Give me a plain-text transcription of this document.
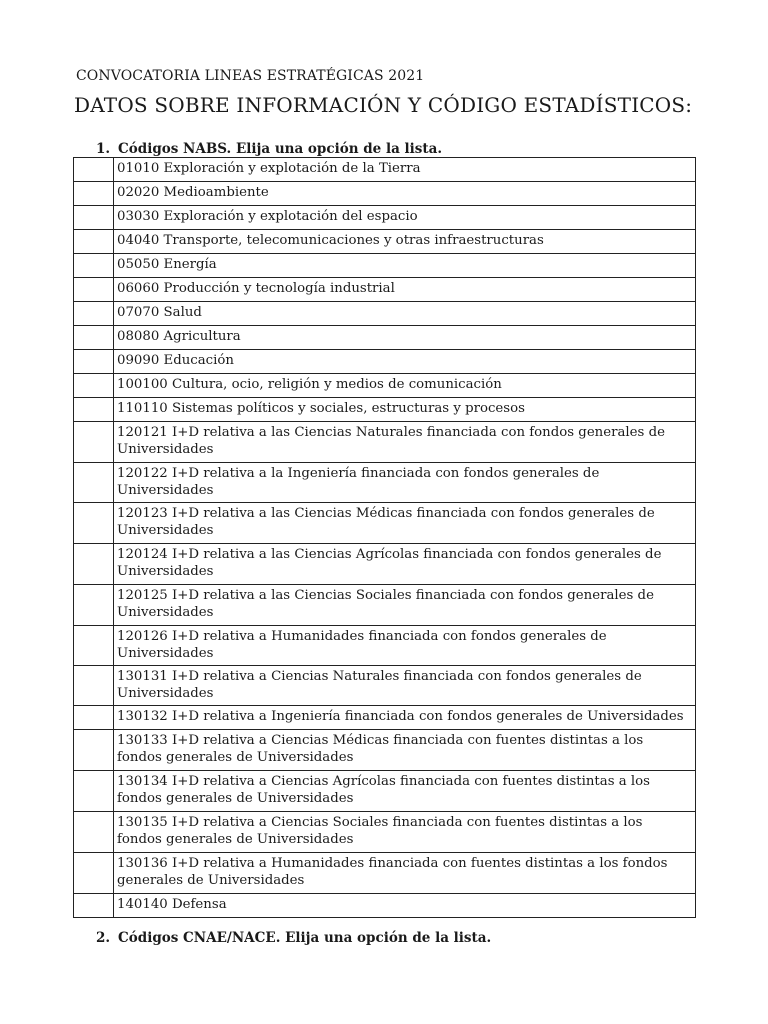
CONVOCATORIA LINEAS ESTRATÉGICAS 2021
DATOS SOBRE INFORMACIÓN Y CÓDIGO ESTADÍSTICOS:
1. Códigos NABS. Elija una opción de la lista.
	01010 Exploración y explotación de la Tierra
	02020 Medioambiente
	03030 Exploración y explotación del espacio
	04040 Transporte, telecomunicaciones y otras infraestructuras
	05050 Energía
	06060 Producción y tecnología industrial
	07070 Salud
	08080 Agricultura
	09090 Educación
	100100 Cultura, ocio, religión y medios de comunicación
	110110 Sistemas políticos y sociales, estructuras y procesos
	120121 I+D relativa a las Ciencias Naturales financiada con fondos generales de Universidades
	120122 I+D relativa a la Ingeniería financiada con fondos generales de Universidades
	120123 I+D relativa a las Ciencias Médicas financiada con fondos generales de Universidades
	120124 I+D relativa a las Ciencias Agrícolas financiada con fondos generales de Universidades
	120125 I+D relativa a las Ciencias Sociales financiada con fondos generales de Universidades
	120126 I+D relativa a Humanidades financiada con fondos generales de Universidades
	130131 I+D relativa a Ciencias Naturales financiada con fondos generales de Universidades
	130132 I+D relativa a Ingeniería financiada con fondos generales de Universidades
	130133 I+D relativa a Ciencias Médicas financiada con fuentes distintas a los fondos generales de Universidades
	130134 I+D relativa a Ciencias Agrícolas financiada con fuentes distintas a los fondos generales de Universidades
	130135 I+D relativa a Ciencias Sociales financiada con fuentes distintas a los fondos generales de Universidades
	130136 I+D relativa a Humanidades financiada con fuentes distintas a los fondos generales de Universidades
	140140 Defensa
2. Códigos CNAE/NACE. Elija una opción de la lista.
